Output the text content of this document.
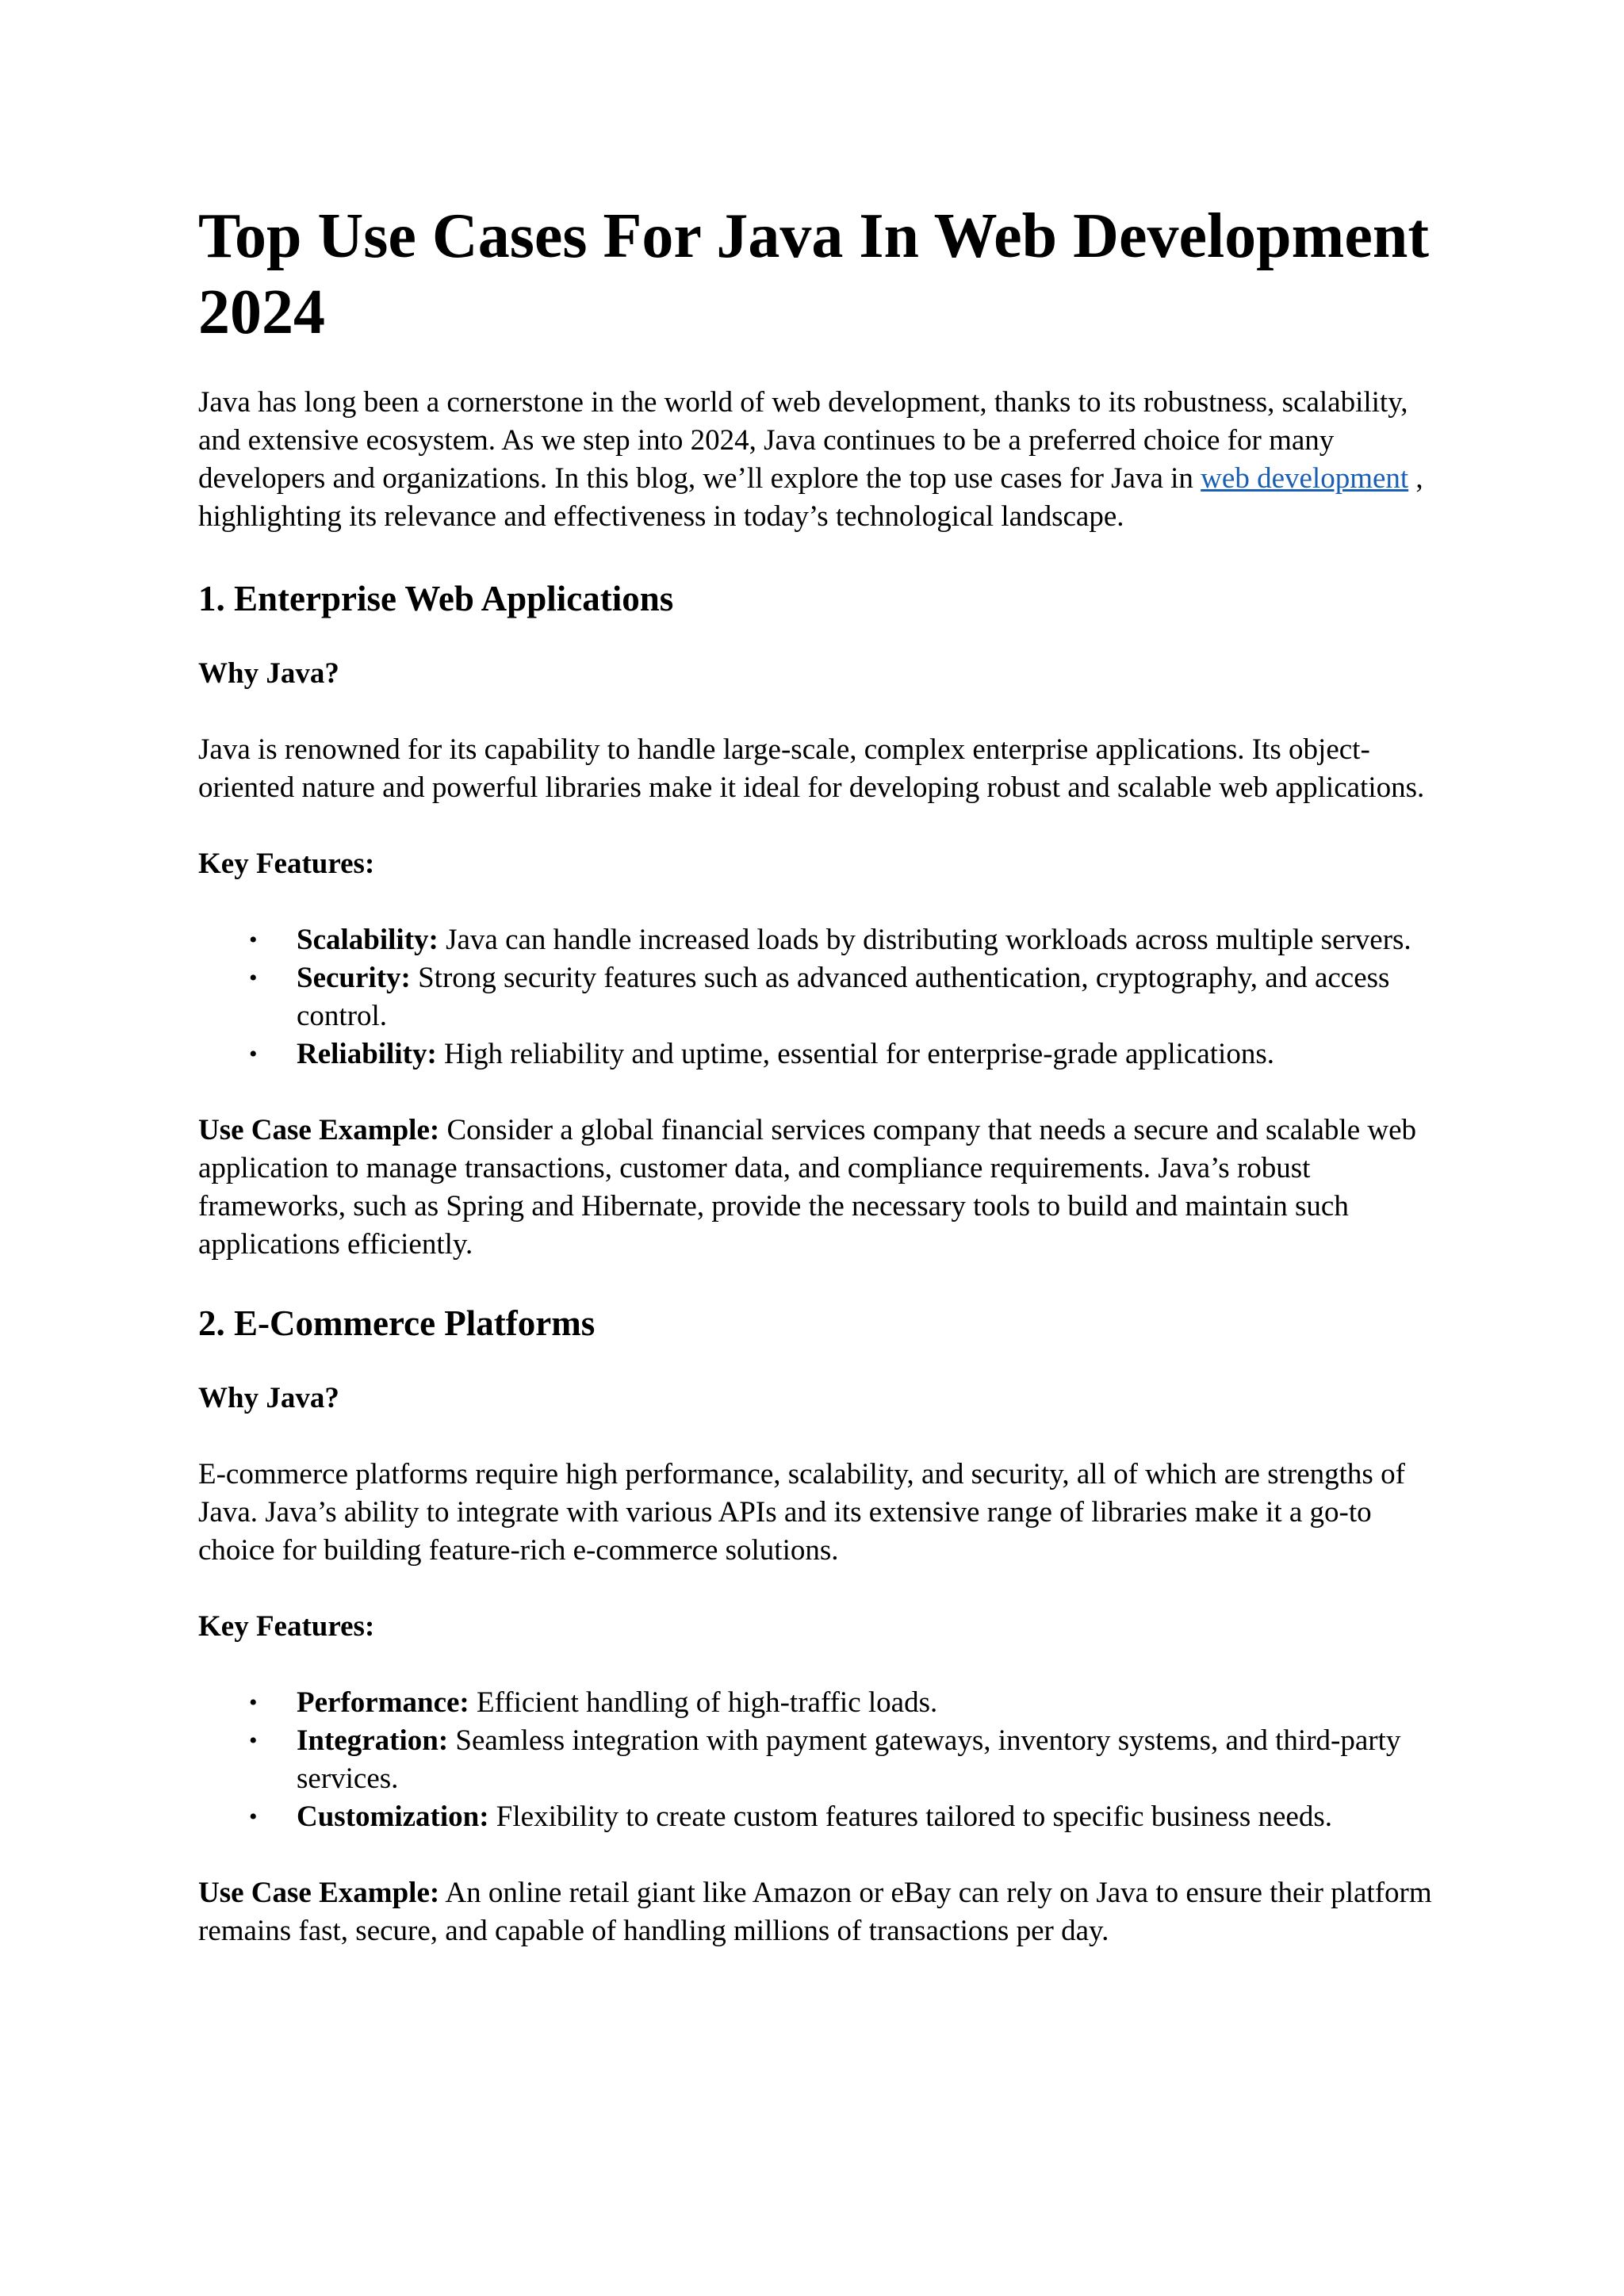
Top Use Cases For Java In Web Development 2024

Java has long been a cornerstone in the world of web development, thanks to its robustness, scalability, and extensive ecosystem. As we step into 2024, Java continues to be a preferred choice for many developers and organizations. In this blog, we’ll explore the top use cases for Java in web development , highlighting its relevance and effectiveness in today’s technological landscape.

1. Enterprise Web Applications
Why Java?

Java is renowned for its capability to handle large-scale, complex enterprise applications. Its object-oriented nature and powerful libraries make it ideal for developing robust and scalable web applications.

Key Features:
• Scalability: Java can handle increased loads by distributing workloads across multiple servers.
• Security: Strong security features such as advanced authentication, cryptography, and access control.
• Reliability: High reliability and uptime, essential for enterprise-grade applications.

Use Case Example: Consider a global financial services company that needs a secure and scalable web application to manage transactions, customer data, and compliance requirements. Java’s robust frameworks, such as Spring and Hibernate, provide the necessary tools to build and maintain such applications efficiently.

2. E-Commerce Platforms
Why Java?

E-commerce platforms require high performance, scalability, and security, all of which are strengths of Java. Java’s ability to integrate with various APIs and its extensive range of libraries make it a go-to choice for building feature-rich e-commerce solutions.

Key Features:
• Performance: Efficient handling of high-traffic loads.
• Integration: Seamless integration with payment gateways, inventory systems, and third-party services.
• Customization: Flexibility to create custom features tailored to specific business needs.

Use Case Example: An online retail giant like Amazon or eBay can rely on Java to ensure their platform remains fast, secure, and capable of handling millions of transactions per day.
